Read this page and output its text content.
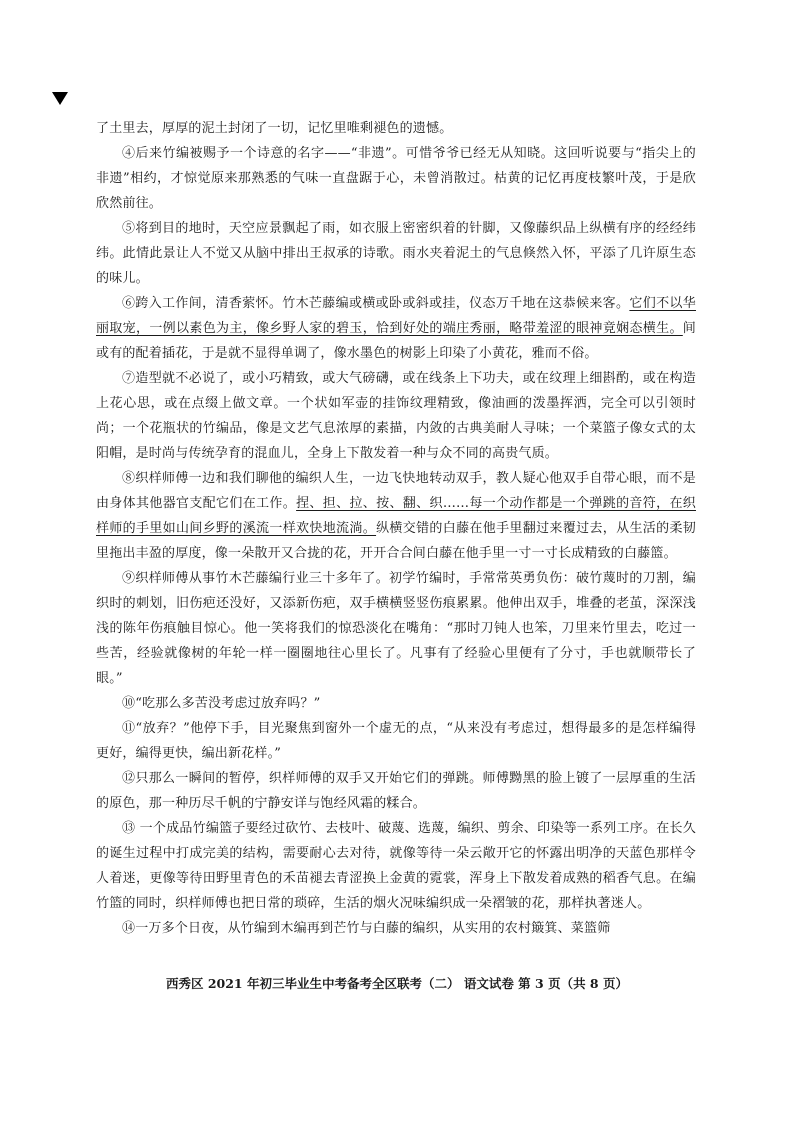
了土里去，厚厚的泥土封闭了一切，记忆里唯剩褪色的遗憾。

④后来竹编被赐予一个诗意的名字——“非遗”。可惜爷爷已经无从知晓。这回听说要与“指尖上的非遗”相约，才惊觉原来那熟悉的气味一直盘踞于心，未曾消散过。枯黄的记忆再度枝繁叶茂，于是欣欣然前往。

⑤将到目的地时，天空应景飘起了雨，如衣服上密密织着的针脚，又像藤织品上纵横有序的经经纬纬。此情此景让人不觉又从脑中排出王叔承的诗歌。雨水夹着泥土的气息倏然入怀，平添了几许原生态的味儿。

⑥跨入工作间，清香萦怀。竹木芒藤编或横或卧或斜或挂，仪态万千地在这恭候来客。它们不以华丽取宠，一例以素色为主，像乡野人家的碧玉，恰到好处的端庄秀丽，略带羞涩的眼神竟娴态横生。间或有的配着插花，于是就不显得单调了，像水墨色的树影上印染了小黄花，雅而不俗。

⑦造型就不必说了，或小巧精致，或大气磅礴，或在线条上下功夫，或在纹理上细斟酌，或在构造上花心思，或在点缀上做文章。一个状如军壶的挂饰纹理精致，像油画的泼墨挥洒，完全可以引领时尚；一个花瓶状的竹编品，像是文艺气息浓厚的素描，内敛的古典美耐人寻味；一个菜篮子像女式的太阳帽，是时尚与传统孕育的混血儿，全身上下散发着一种与众不同的高贵气质。

⑧织样师傅一边和我们聊他的编织人生，一边飞快地转动双手，教人疑心他双手自带心眼，而不是由身体其他器官支配它们在工作。捏、担、拉、按、翻、织……每一个动作都是一个弹跳的音符，在织样师的手里如山间乡野的溪流一样欢快地流淌。纵横交错的白藤在他手里翻过来覆过去，从生活的柔韧里拖出丰盈的厚度，像一朵散开又合拢的花，开开合合间白藤在他手里一寸一寸长成精致的白藤篮。

⑨织样师傅从事竹木芒藤编行业三十多年了。初学竹编时，手常常英勇负伤：破竹蔑时的刀割，编织时的刺划，旧伤疤还没好，又添新伤疤，双手横横竖竖伤痕累累。他伸出双手，堆叠的老茧，深深浅浅的陈年伤痕触目惊心。他一笑将我们的惊恐淡化在嘴角：“那时刀钝人也笨，刀里来竹里去，吃过一些苦，经验就像树的年轮一样一圈圈地往心里长了。凡事有了经验心里便有了分寸，手也就顺带长了眼。”

⑩“吃那么多苦没考虑过放弃吗？”

⑪“放弃？”他停下手，目光聚焦到窗外一个虚无的点，“从来没有考虑过，想得最多的是怎样编得更好，编得更快，编出新花样。”

⑫只那么一瞬间的暂停，织样师傅的双手又开始它们的弹跳。师傅黝黑的脸上镀了一层厚重的生活的原色，那一种历尽千帆的宁静安详与饱经风霜的糅合。

⑬ 一个成品竹编篮子要经过砍竹、去枝叶、破蔑、选蔑，编织、剪余、印染等一系列工序。在长久的诞生过程中打成完美的结构，需要耐心去对待，就像等待一朵云敞开它的怀露出明净的天蓝色那样令人着迷，更像等待田野里青色的禾苗褪去青涩换上金黄的霓裳，浑身上下散发着成熟的稻香气息。在编竹篮的同时，织样师傅也把日常的琐碎，生活的烟火况味编织成一朵褶皱的花，那样执著迷人。

⑭一万多个日夜，从竹编到木编再到芒竹与白藤的编织，从实用的农村簸箕、菜篮筛

西秀区 2021 年初三毕业生中考备考全区联考（二） 语文试卷 第 3 页（共 8 页）
